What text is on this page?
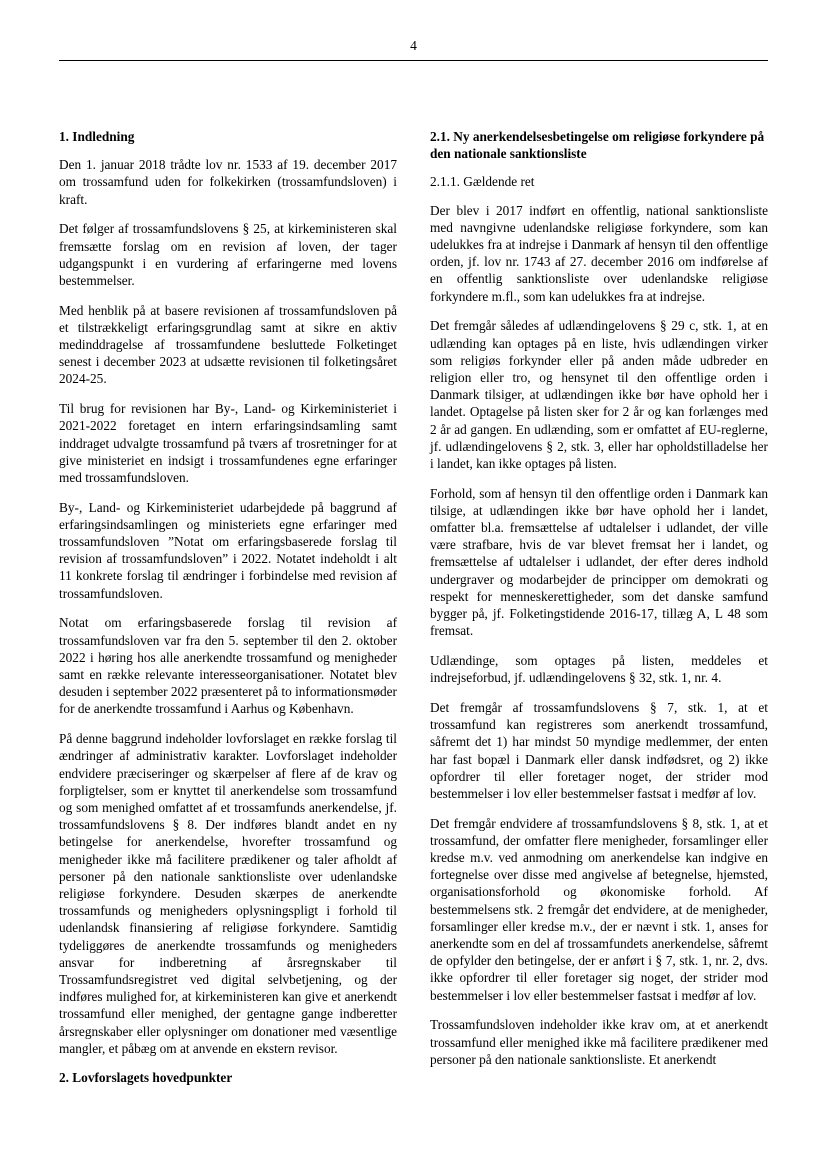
4
1. Indledning

Den 1. januar 2018 trådte lov nr. 1533 af 19. december 2017 om trossamfund uden for folkekirken (trossamfundsloven) i kraft.

Det følger af trossamfundslovens § 25, at kirkeministeren skal fremsætte forslag om en revision af loven, der tager udgangspunkt i en vurdering af erfaringerne med lovens bestemmelser.

Med henblik på at basere revisionen af trossamfundsloven på et tilstrækkeligt erfaringsgrundlag samt at sikre en aktiv medinddragelse af trossamfundene besluttede Folketinget senest i december 2023 at udsætte revisionen til folketingsåret 2024-25.

Til brug for revisionen har By-, Land- og Kirkeministeriet i 2021-2022 foretaget en intern erfaringsindsamling samt inddraget udvalgte trossamfund på tværs af trosretninger for at give ministeriet en indsigt i trossamfundenes egne erfaringer med trossamfundsloven.

By-, Land- og Kirkeministeriet udarbejdede på baggrund af erfaringsindsamlingen og ministeriets egne erfaringer med trossamfundsloven ”Notat om erfaringsbaserede forslag til revision af trossamfundsloven” i 2022. Notatet indeholdt i alt 11 konkrete forslag til ændringer i forbindelse med revision af trossamfundsloven.

Notat om erfaringsbaserede forslag til revision af trossamfundsloven var fra den 5. september til den 2. oktober 2022 i høring hos alle anerkendte trossamfund og menigheder samt en række relevante interesseorganisationer. Notatet blev desuden i september 2022 præsenteret på to informationsmøder for de anerkendte trossamfund i Aarhus og København.

På denne baggrund indeholder lovforslaget en række forslag til ændringer af administrativ karakter. Lovforslaget indeholder endvidere præciseringer og skærpelser af flere af de krav og forpligtelser, som er knyttet til anerkendelse som trossamfund og som menighed omfattet af et trossamfunds anerkendelse, jf. trossamfundslovens § 8. Der indføres blandt andet en ny betingelse for anerkendelse, hvorefter trossamfund og menigheder ikke må facilitere prædikener og taler afholdt af personer på den nationale sanktionsliste over udenlandske religiøse forkyndere. Desuden skærpes de anerkendte trossamfunds og menigheders oplysningspligt i forhold til udenlandsk finansiering af religiøse forkyndere. Samtidig tydeliggøres de anerkendte trossamfunds og menigheders ansvar for indberetning af årsregnskaber til Trossamfundsregistret ved digital selvbetjening, og der indføres mulighed for, at kirkeministeren kan give et anerkendt trossamfund eller menighed, der gentagne gange indberetter årsregnskaber eller oplysninger om donationer med væsentlige mangler, et påbæg om at anvende en ekstern revisor.

2. Lovforslagets hovedpunkter
2.1. Ny anerkendelsesbetingelse om religiøse forkyndere på den nationale sanktionsliste
2.1.1. Gældende ret

Der blev i 2017 indført en offentlig, national sanktionsliste med navngivne udenlandske religiøse forkyndere, som kan udelukkes fra at indrejse i Danmark af hensyn til den offentlige orden, jf. lov nr. 1743 af 27. december 2016 om indførelse af en offentlig sanktionsliste over udenlandske religiøse forkyndere m.fl., som kan udelukkes fra at indrejse.

Det fremgår således af udlændingelovens § 29 c, stk. 1, at en udlænding kan optages på en liste, hvis udlændingen virker som religiøs forkynder eller på anden måde udbreder en religion eller tro, og hensynet til den offentlige orden i Danmark tilsiger, at udlændingen ikke bør have ophold her i landet. Optagelse på listen sker for 2 år og kan forlænges med 2 år ad gangen. En udlænding, som er omfattet af EU-reglerne, jf. udlændingelovens § 2, stk. 3, eller har opholdstilladelse her i landet, kan ikke optages på listen.

Forhold, som af hensyn til den offentlige orden i Danmark kan tilsige, at udlændingen ikke bør have ophold her i landet, omfatter bl.a. fremsættelse af udtalelser i udlandet, der ville være strafbare, hvis de var blevet fremsat her i landet, og fremsættelse af udtalelser i udlandet, der efter deres indhold undergraver og modarbejder de principper om demokrati og respekt for menneskerettigheder, som det danske samfund bygger på, jf. Folketingstidende 2016-17, tillæg A, L 48 som fremsat.

Udlændinge, som optages på listen, meddeles et indrejseforbud, jf. udlændingelovens § 32, stk. 1, nr. 4.

Det fremgår af trossamfundslovens § 7, stk. 1, at et trossamfund kan registreres som anerkendt trossamfund, såfremt det 1) har mindst 50 myndige medlemmer, der enten har fast bopæl i Danmark eller dansk indfødsret, og 2) ikke opfordrer til eller foretager noget, der strider mod bestemmelser i lov eller bestemmelser fastsat i medfør af lov.

Det fremgår endvidere af trossamfundslovens § 8, stk. 1, at et trossamfund, der omfatter flere menigheder, forsamlinger eller kredse m.v. ved anmodning om anerkendelse kan indgive en fortegnelse over disse med angivelse af betegnelse, hjemsted, organisationsforhold og økonomiske forhold. Af bestemmelsens stk. 2 fremgår det endvidere, at de menigheder, forsamlinger eller kredse m.v., der er nævnt i stk. 1, anses for anerkendte som en del af trossamfundets anerkendelse, såfremt de opfylder den betingelse, der er anført i § 7, stk. 1, nr. 2, dvs. ikke opfordrer til eller foretager sig noget, der strider mod bestemmelser i lov eller bestemmelser fastsat i medfør af lov.

Trossamfundsloven indeholder ikke krav om, at et anerkendt trossamfund eller menighed ikke må facilitere prædikener med personer på den nationale sanktionsliste. Et anerkendt
